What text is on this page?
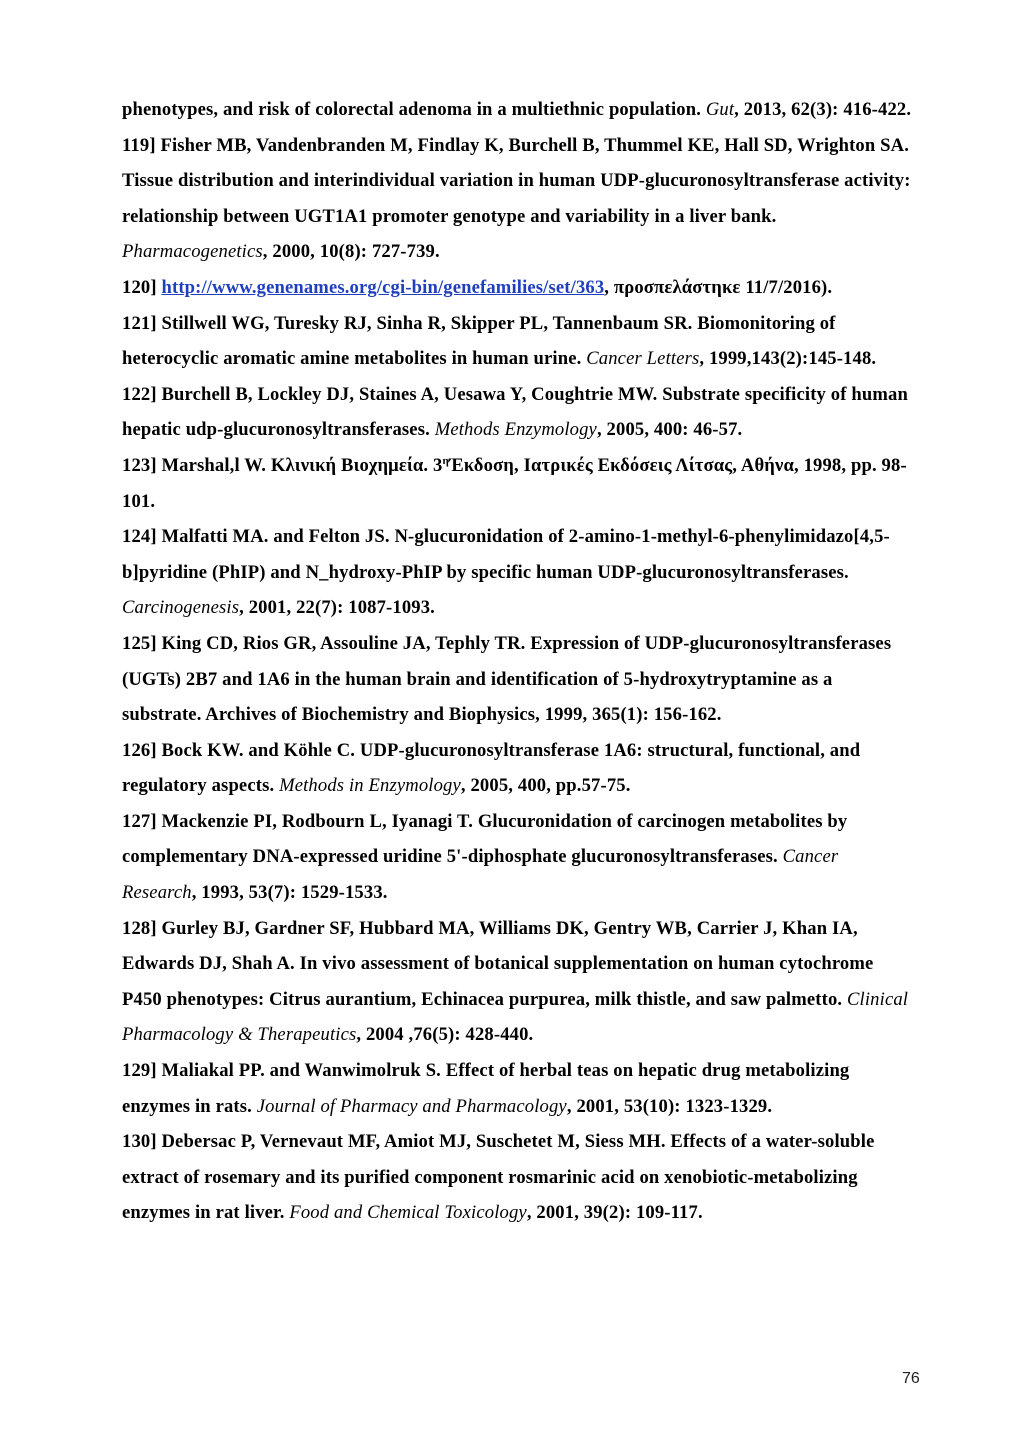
phenotypes, and risk of colorectal adenoma in a multiethnic population. Gut, 2013, 62(3): 416-422.

119] Fisher MB, Vandenbranden M, Findlay K, Burchell B, Thummel KE, Hall SD, Wrighton SA. Tissue distribution and interindividual variation in human UDP-glucuronosyltransferase activity: relationship between UGT1A1 promoter genotype and variability in a liver bank. Pharmacogenetics, 2000, 10(8): 727-739.

120] http://www.genenames.org/cgi-bin/genefamilies/set/363, προσπελάστηκε 11/7/2016).

121] Stillwell WG, Turesky RJ, Sinha R, Skipper PL, Tannenbaum SR. Biomonitoring of heterocyclic aromatic amine metabolites in human urine. Cancer Letters, 1999,143(2):145-148.

122] Burchell B, Lockley DJ, Staines A, Uesawa Y, Coughtrie MW. Substrate specificity of human hepatic udp-glucuronosyltransferases. Methods Enzymology, 2005, 400: 46-57.

123] Marshal,l W. Κλινική Βιοχημεία. $3^\eta Έ\kappa\delta o\sigma\eta$, Ιατρικές Εκδόσεις Λίτσας, Αθήνα, 1998, pp. 98-101.

124] Malfatti MA. and Felton JS. N-glucuronidation of 2-amino-1-methyl-6-phenylimidazo[4,5-b]pyridine (PhIP) and N_hydroxy-PhIP by specific human UDP-glucuronosyltransferases. Carcinogenesis, 2001, 22(7): 1087-1093.

125] King CD, Rios GR, Assouline JA, Tephly TR. Expression of UDP-glucuronosyltransferases (UGTs) 2B7 and 1A6 in the human brain and identification of 5-hydroxytryptamine as a substrate. Archives of Biochemistry and Biophysics, 1999, 365(1): 156-162.

126] Bock KW. and Köhle C. UDP-glucuronosyltransferase 1A6: structural, functional, and regulatory aspects. Methods in Enzymology, 2005, 400, pp.57-75.

127] Mackenzie PI, Rodbourn L, Iyanagi T. Glucuronidation of carcinogen metabolites by complementary DNA-expressed uridine 5'-diphosphate glucuronosyltransferases. Cancer Research, 1993, 53(7): 1529-1533.

128] Gurley BJ, Gardner SF, Hubbard MA, Williams DK, Gentry WB, Carrier J, Khan IA, Edwards DJ, Shah A. In vivo assessment of botanical supplementation on human cytochrome P450 phenotypes: Citrus aurantium, Echinacea purpurea, milk thistle, and saw palmetto. Clinical Pharmacology & Therapeutics, 2004 ,76(5): 428-440.

129] Maliakal PP. and Wanwimolruk S. Effect of herbal teas on hepatic drug metabolizing enzymes in rats. Journal of Pharmacy and Pharmacology, 2001, 53(10): 1323-1329.

130] Debersac P, Vernevaut MF, Amiot MJ, Suschetet M, Siess MH. Effects of a water-soluble extract of rosemary and its purified component rosmarinic acid on xenobiotic-metabolizing enzymes in rat liver. Food and Chemical Toxicology, 2001, 39(2): 109-117.

76
